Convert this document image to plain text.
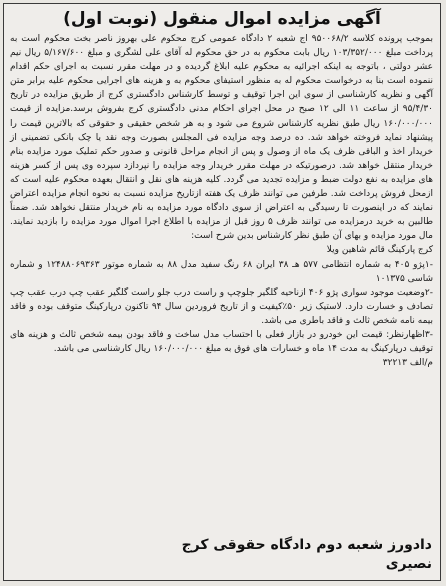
آگهی مزایده اموال منقول (نوبت اول)

بموجب پرونده کلاسه ۹۵۰۰۶۸/۲ اج شعبه ۲ دادگاه عمومی کرج محکوم علی بهروز ناصر بخت محکوم است به پرداخت مبلغ ۱۰۳/۳۵۲/۰۰۰ ریال بابت محکوم به در حق محکوم له آقای علی لشگری و مبلغ ۵/۱۶۷/۶۰۰ ریال نیم عشر دولتی ، باتوجه به اینکه اجرائیه به محکوم علیه ابلاغ گردیده و در مهلت مقرر نسبت به اجرای حکم اقدام ننموده است بنا به درخواست محکوم له به منظور استیفای محکوم به و هزینه های اجرایی محکوم علیه برابر متن آگهی و نظریه کارشناسی از سوی این اجرا توقیف و توسط کارشناس دادگستری کرج از طریق مزایده در تاریخ ۹۵/۴/۳۰ از ساعت ۱۱ الی ۱۲ صبح در محل اجرای احکام مدنی دادگستری کرج بفروش برسد.مزایده از قیمت ۱۶۰/۰۰۰/۰۰۰ ریال طبق نظریه کارشناس شروع می شود و به هر شخص حقیقی و حقوقی که بالاترین قیمت را پیشنهاد نماید فروخته خواهد شد. ده درصد وجه مزایده فی المجلس بصورت وجه نقد یا چک بانکی تضمینی از خریدار اخذ و الباقی ظرف یک ماه از وصول و پس از انجام مراحل قانونی و صدور حکم تملیک مورد مزایده بنام خریدار منتقل خواهد شد. درصورتیکه در مهلت مقرر خریدار وجه مزایده را نپردازد سپرده وی پس از کسر هزینه های مزایده به نفع دولت ضبط و مزایده تجدید می گردد. کلیه هزینه های نقل و انتقال بعهده محکوم علیه است که ازمحل فروش پرداخت شد. طرفین می توانند ظرف یک هفته ازتاریخ مزایده نسبت به نحوه انجام مزایده اعتراض نمایند که در اینصورت تا رسیدگی به اعتراض از سوی دادگاه مورد مزایده به نام خریدار منتقل نخواهد شد. ضمناً طالبین به خرید درمزایده می توانند ظرف ۵ روز قبل از مزایده با اطلاع اجرا اموال مورد مزایده را بازدید نمایند. مال مورد مزایده و بهای آن طبق نظر کارشناس بدین شرح است:

کرج پارکینگ قائم شاهین ویلا

-۱پژو ۴۰۵ به شماره انتظامی ۵۷۷ هـ ۳۸ ایران ۶۸ رنگ سفید مدل ۸۸ به شماره موتور ۱۲۴۸۸۰۶۹۳۶۳ و شماره شاسی ۱۰۱۳۷۵

-۲وضعیت موجود سواری پژو ۴۰۶ ازناحیه گلگیر جلوچپ و راست درب جلو راست گلگیر عقب چپ درب عقب چپ تصادف و خسارت دارد. لاستیک زیر ۵۰٪کیفیت و از تاریخ فروردین سال ۹۴ تاکنون درپارکینگ متوقف بوده و فاقد بیمه نامه شخص ثالث و فاقد باطری می باشد.

-۳اظهارنظر: قیمت این خودرو در بازار فعلی با احتساب مدل ساخت و فاقد بودن بیمه شخص ثالث و هزینه های توقیف درپارکینگ به مدت ۱۴ ماه و خسارات های فوق به مبلغ ۱۶۰/۰۰۰/۰۰۰ ریال کارشناسی می باشد.

م/الف ۳۲۲۱۳

دادورز شعبه دوم دادگاه حقوقی کرج
نصیری
